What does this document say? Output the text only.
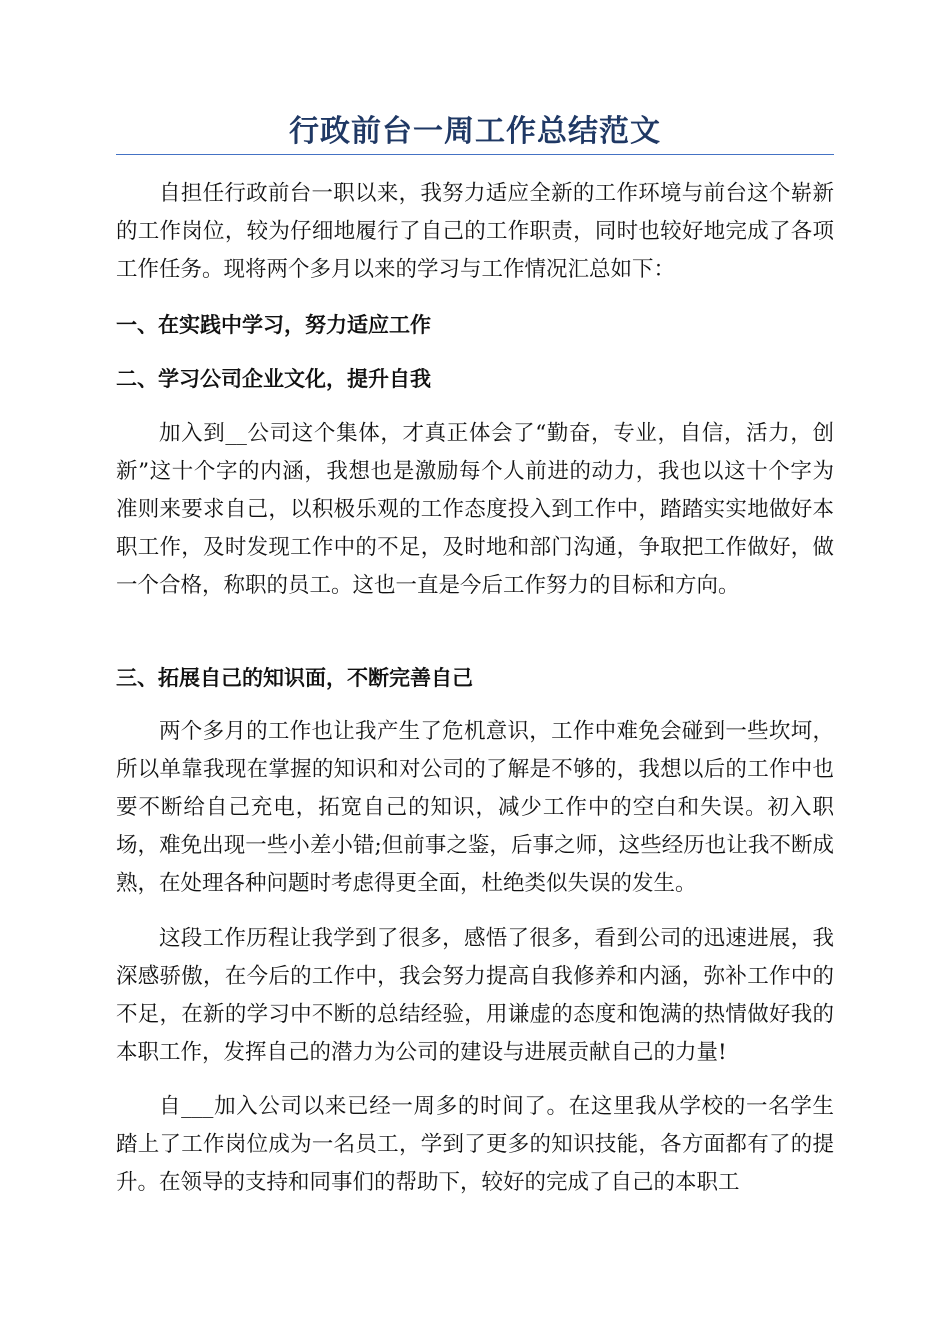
行政前台一周工作总结范文

自担任行政前台一职以来，我努力适应全新的工作环境与前台这个崭新的工作岗位，较为仔细地履行了自己的工作职责，同时也较好地完成了各项工作任务。现将两个多月以来的学习与工作情况汇总如下：

一、在实践中学习，努力适应工作

二、学习公司企业文化，提升自我

加入到__公司这个集体，才真正体会了“勤奋，专业，自信，活力，创新”这十个字的内涵，我想也是激励每个人前进的动力，我也以这十个字为准则来要求自己，以积极乐观的工作态度投入到工作中，踏踏实实地做好本职工作，及时发现工作中的不足，及时地和部门沟通，争取把工作做好，做一个合格，称职的员工。这也一直是今后工作努力的目标和方向。

三、拓展自己的知识面，不断完善自己

两个多月的工作也让我产生了危机意识，工作中难免会碰到一些坎坷，所以单靠我现在掌握的知识和对公司的了解是不够的，我想以后的工作中也要不断给自己充电，拓宽自己的知识，减少工作中的空白和失误。初入职场，难免出现一些小差小错;但前事之鉴，后事之师，这些经历也让我不断成熟，在处理各种问题时考虑得更全面，杜绝类似失误的发生。

这段工作历程让我学到了很多，感悟了很多，看到公司的迅速进展，我深感骄傲，在今后的工作中，我会努力提高自我修养和内涵，弥补工作中的不足，在新的学习中不断的总结经验，用谦虚的态度和饱满的热情做好我的本职工作，发挥自己的潜力为公司的建设与进展贡献自己的力量!

自___加入公司以来已经一周多的时间了。在这里我从学校的一名学生踏上了工作岗位成为一名员工，学到了更多的知识技能，各方面都有了的提升。在领导的支持和同事们的帮助下，较好的完成了自己的本职工
